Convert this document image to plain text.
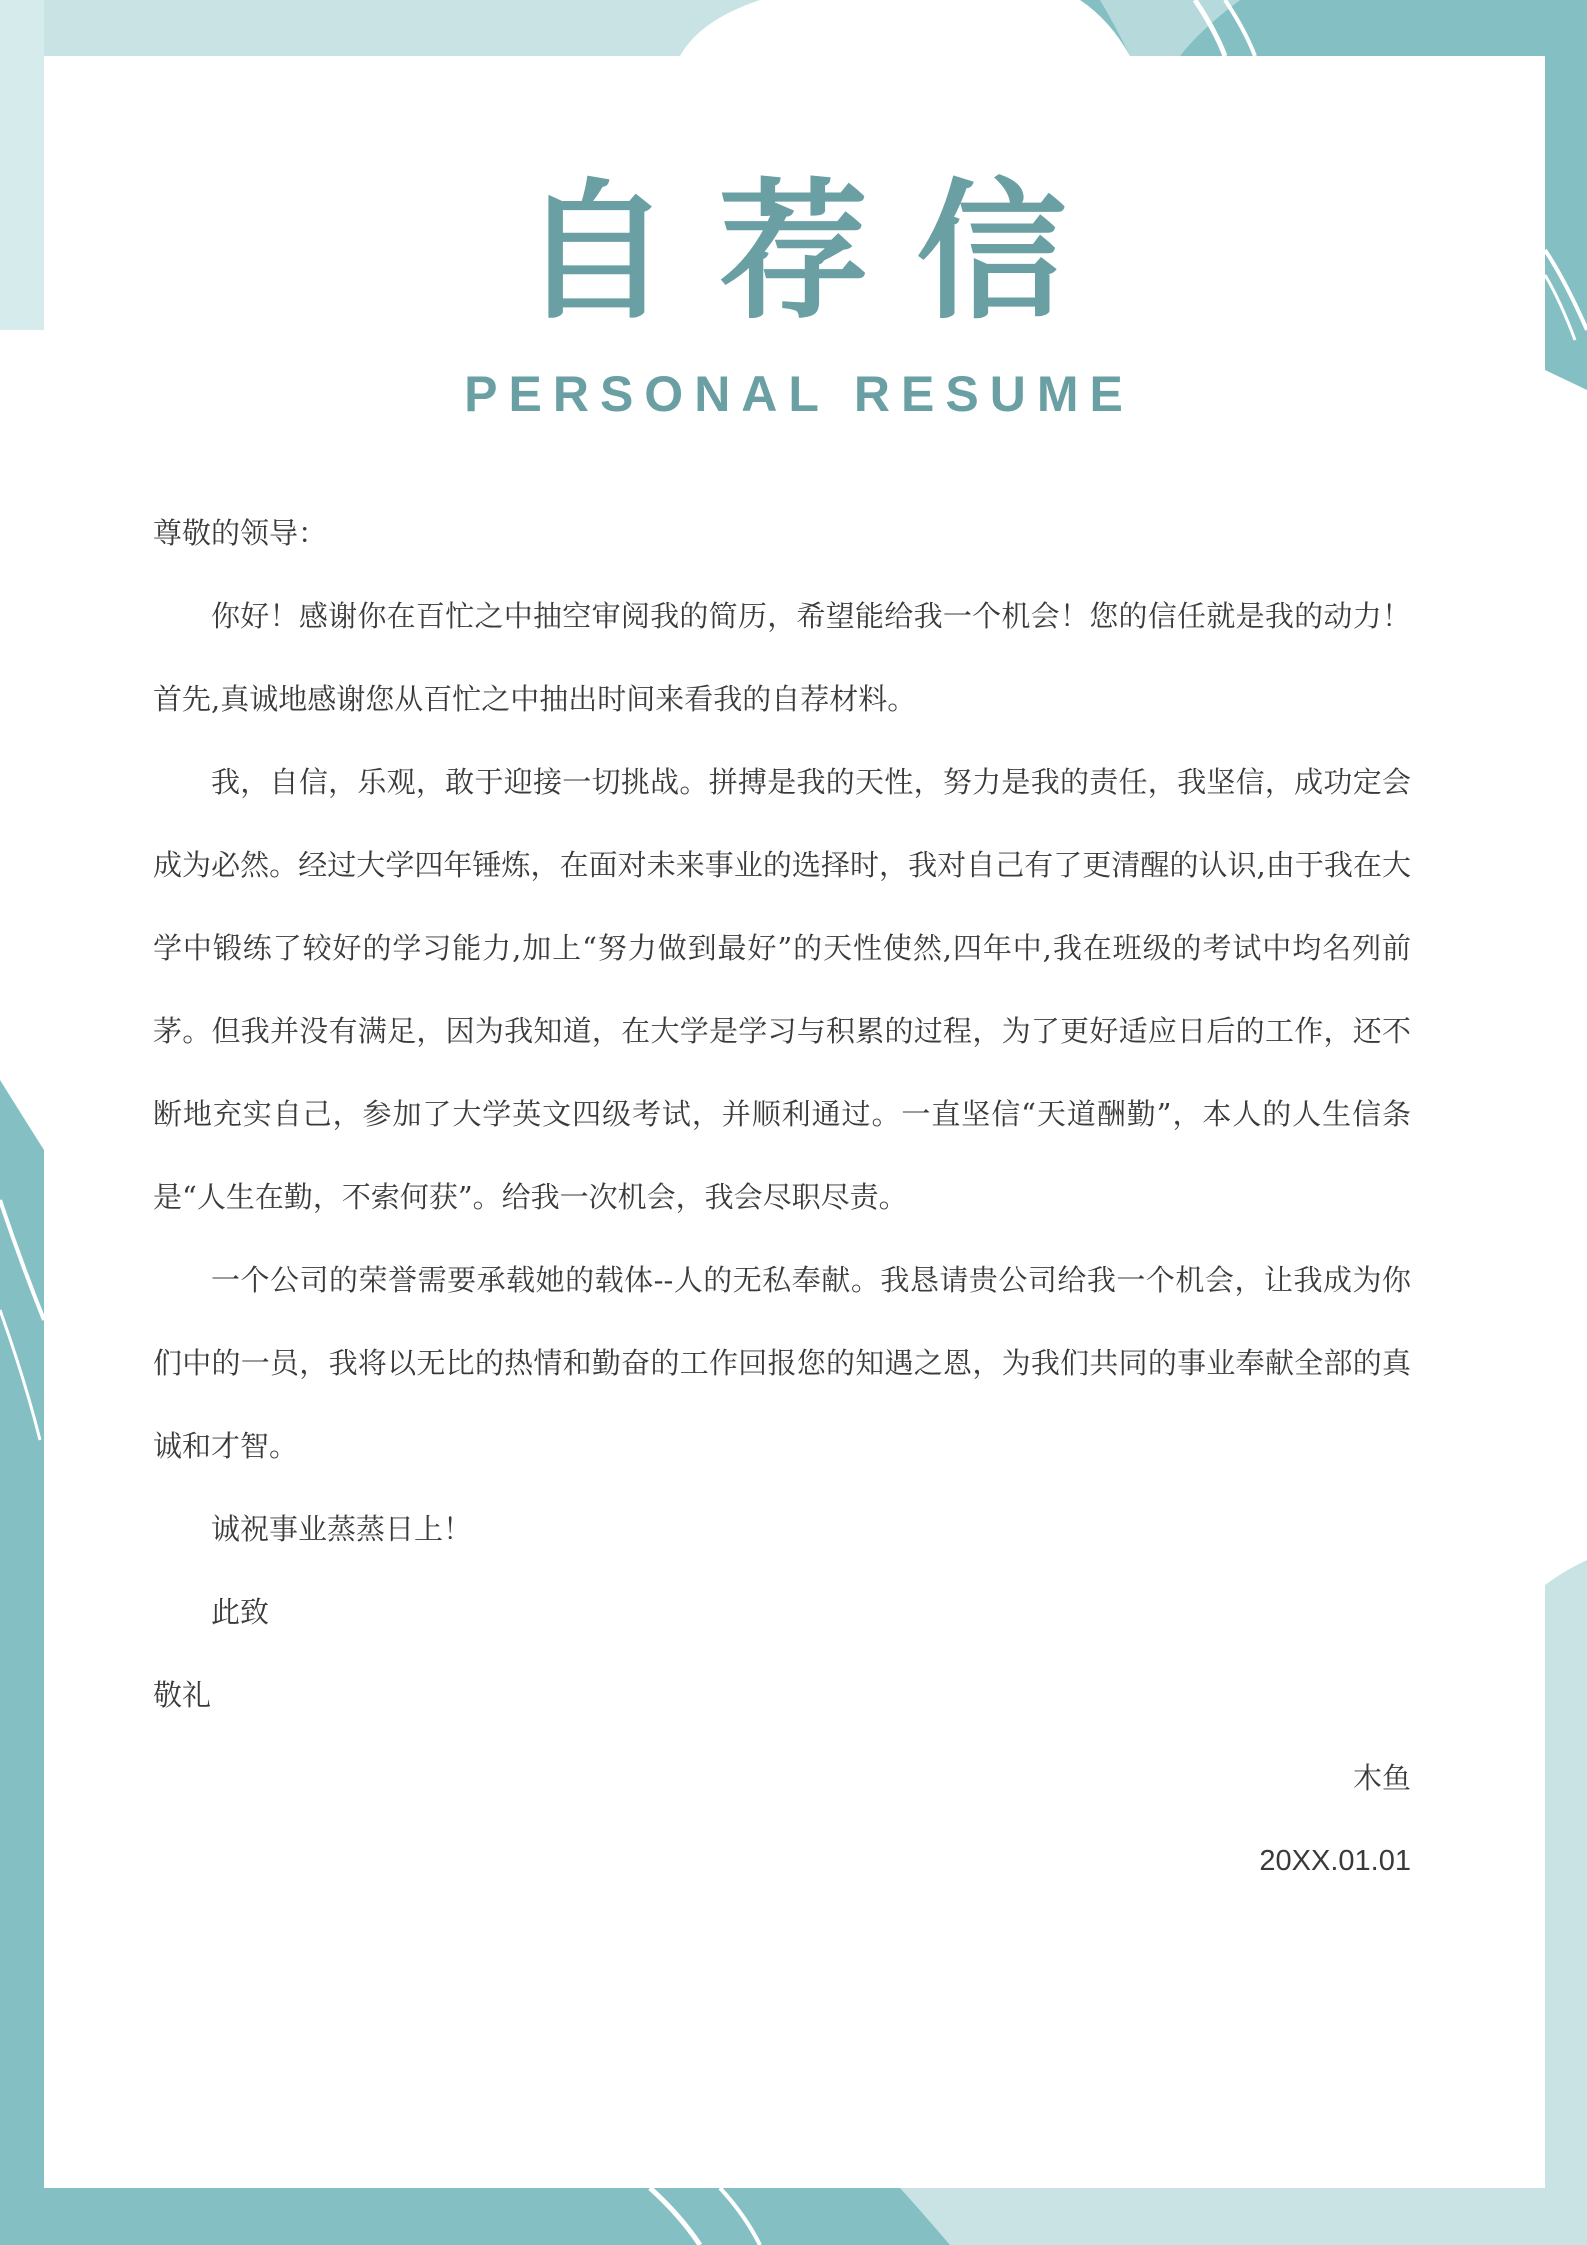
自荐信
PERSONAL RESUME

尊敬的领导：

你好！感谢你在百忙之中抽空审阅我的简历，希望能给我一个机会！您的信任就是我的动力！首先,真诚地感谢您从百忙之中抽出时间来看我的自荐材料。

我，自信，乐观，敢于迎接一切挑战。拼搏是我的天性，努力是我的责任，我坚信，成功定会成为必然。经过大学四年锤炼，在面对未来事业的选择时，我对自己有了更清醒的认识,由于我在大学中锻练了较好的学习能力,加上“努力做到最好”的天性使然,四年中,我在班级的考试中均名列前茅。但我并没有满足，因为我知道，在大学是学习与积累的过程，为了更好适应日后的工作，还不断地充实自己，参加了大学英文四级考试，并顺利通过。一直坚信“天道酬勤”，本人的人生信条是“人生在勤，不索何获”。给我一次机会，我会尽职尽责。

一个公司的荣誉需要承载她的载体--人的无私奉献。我恳请贵公司给我一个机会，让我成为你们中的一员，我将以无比的热情和勤奋的工作回报您的知遇之恩，为我们共同的事业奉献全部的真诚和才智。

诚祝事业蒸蒸日上！

此致

敬礼

木鱼

20XX.01.01
